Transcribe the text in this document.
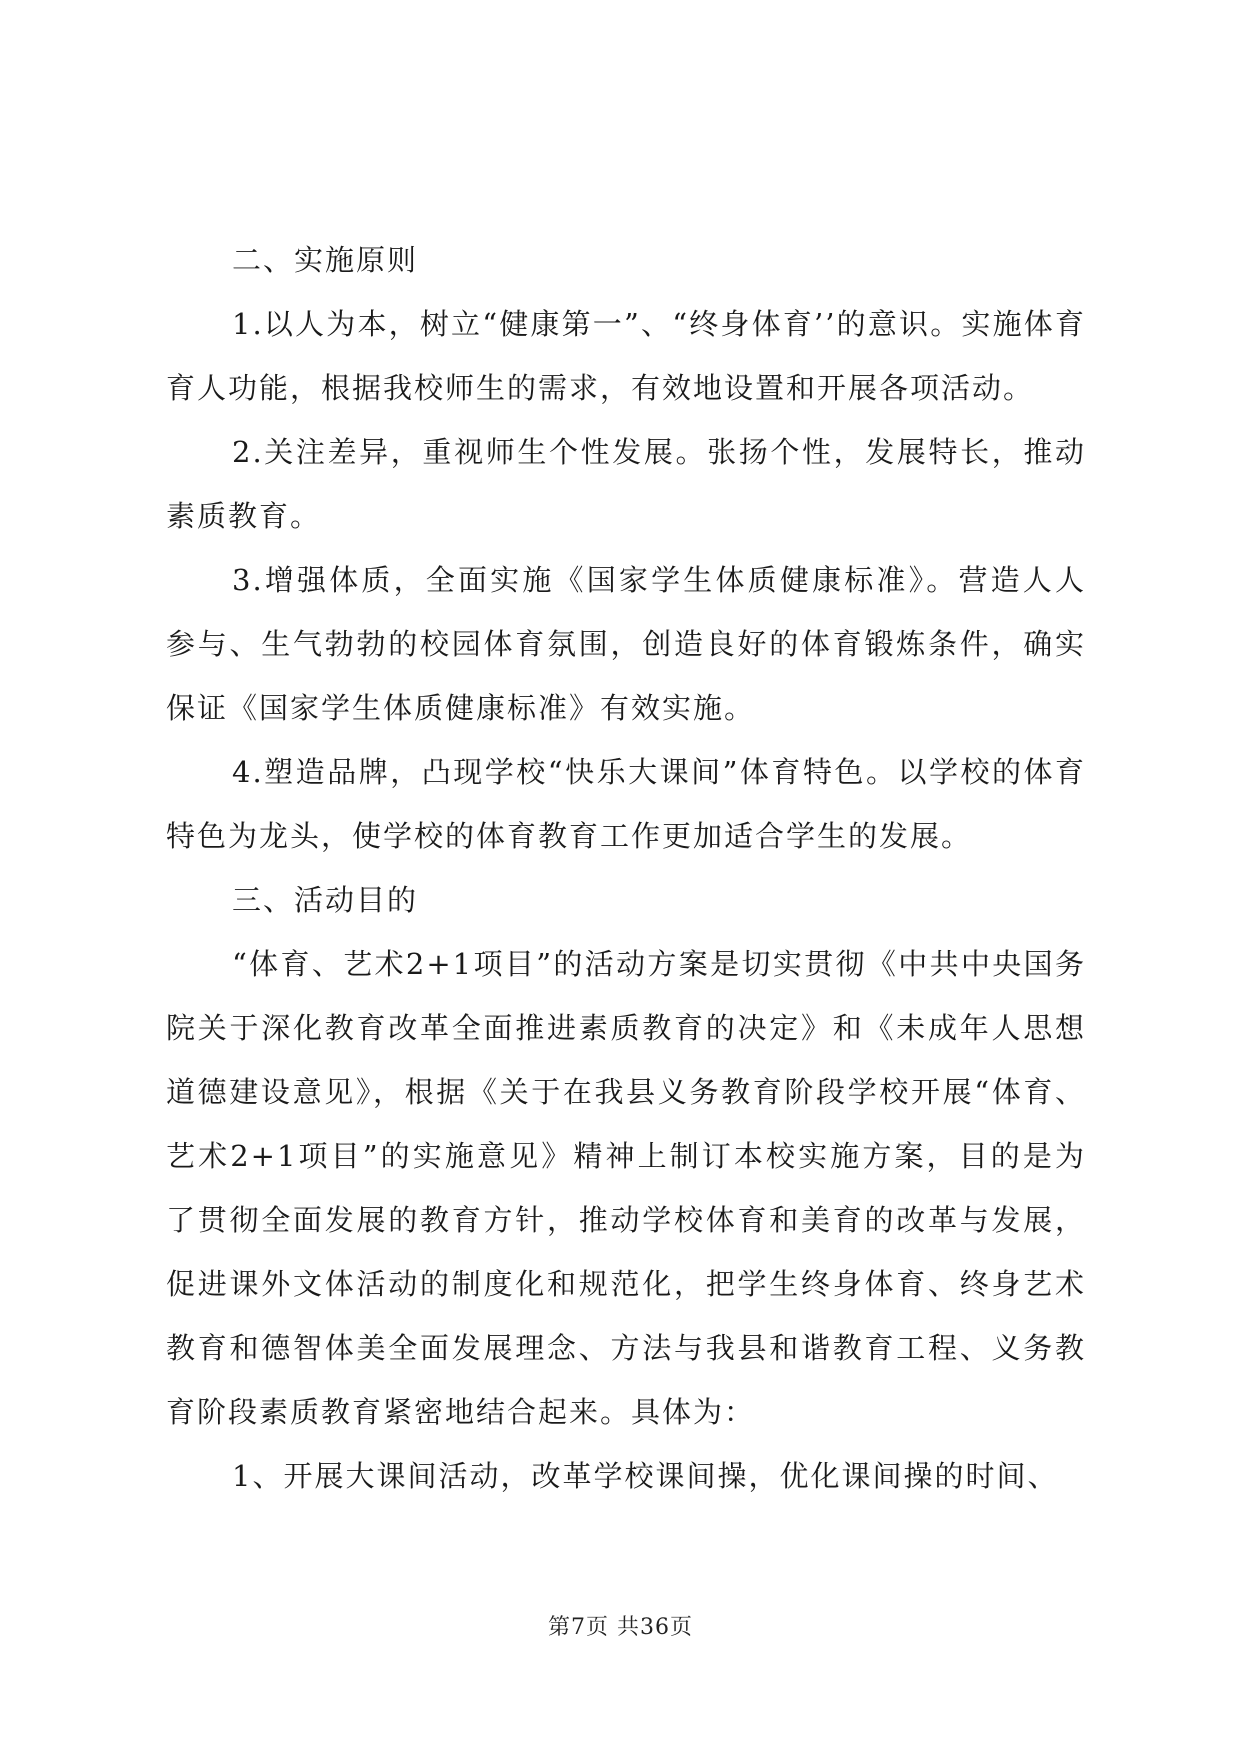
二、实施原则

1.以人为本，树立“健康第一”、“终身体育’’的意识。实施体育育人功能，根据我校师生的需求，有效地设置和开展各项活动。

2.关注差异，重视师生个性发展。张扬个性，发展特长，推动素质教育。

3.增强体质，全面实施《国家学生体质健康标准》。营造人人参与、生气勃勃的校园体育氛围，创造良好的体育锻炼条件，确实保证《国家学生体质健康标准》有效实施。

4.塑造品牌，凸现学校“快乐大课间”体育特色。以学校的体育特色为龙头，使学校的体育教育工作更加适合学生的发展。

三、活动目的

“体育、艺术2+1项目”的活动方案是切实贯彻《中共中央国务院关于深化教育改革全面推进素质教育的决定》和《未成年人思想道德建设意见》，根据《关于在我县义务教育阶段学校开展“体育、艺术2+1项目”的实施意见》精神上制订本校实施方案，目的是为了贯彻全面发展的教育方针，推动学校体育和美育的改革与发展，促进课外文体活动的制度化和规范化，把学生终身体育、终身艺术教育和德智体美全面发展理念、方法与我县和谐教育工程、义务教育阶段素质教育紧密地结合起来。具体为：

1、开展大课间活动，改革学校课间操，优化课间操的时间、

第7页 共36页
